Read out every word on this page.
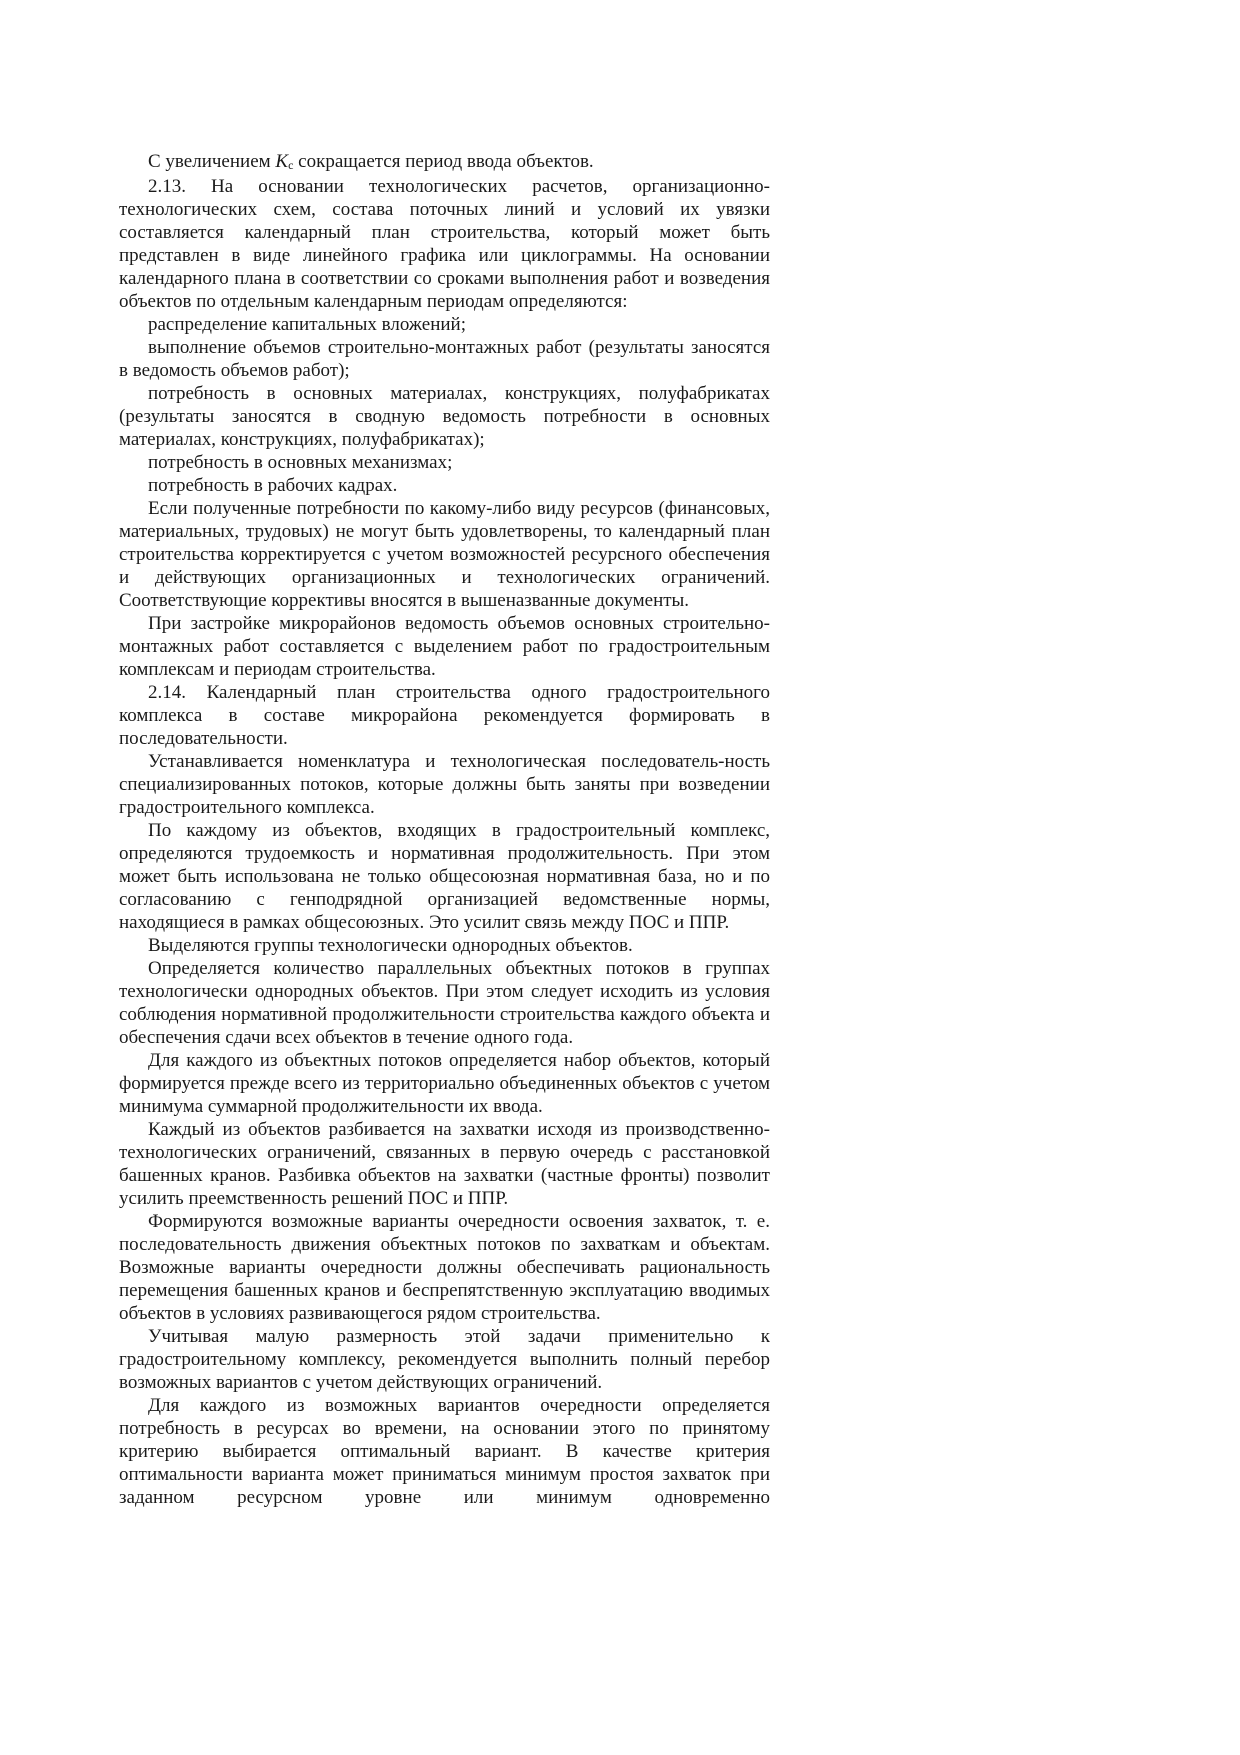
С увеличением Kc сокращается период ввода объектов.

2.13. На основании технологических расчетов, организационно-технологических схем, состава поточных линий и условий их увязки составляется календарный план строительства, который может быть представлен в виде линейного графика или циклограммы. На основании календарного плана в соответствии со сроками выполнения работ и возведения объектов по отдельным календарным периодам определяются:

распределение капитальных вложений;

выполнение объемов строительно-монтажных работ (результаты заносятся в ведомость объемов работ);

потребность в основных материалах, конструкциях, полуфабрикатах (результаты заносятся в сводную ведомость потребности в основных материалах, конструкциях, полуфабрикатах);

потребность в основных механизмах;

потребность в рабочих кадрах.

Если полученные потребности по какому-либо виду ресурсов (финансовых, материальных, трудовых) не могут быть удовлетворены, то календарный план строительства корректируется с учетом возможностей ресурсного обеспечения и действующих организационных и технологических ограничений. Соответствующие коррективы вносятся в вышеназванные документы.

При застройке микрорайонов ведомость объемов основных строительно-монтажных работ составляется с выделением работ по градостроительным комплексам и периодам строительства.

2.14. Календарный план строительства одного градостроительного комплекса в составе микрорайона рекомендуется формировать в последовательности.

Устанавливается номенклатура и технологическая последователь-ность специализированных потоков, которые должны быть заняты при возведении градостроительного комплекса.

По каждому из объектов, входящих в градостроительный комплекс, определяются трудоемкость и нормативная продолжительность. При этом может быть использована не только общесоюзная нормативная база, но и по согласованию с генподрядной организацией ведомственные нормы, находящиеся в рамках общесоюзных. Это усилит связь между ПОС и ППР.

Выделяются группы технологически однородных объектов.

Определяется количество параллельных объектных потоков в группах технологически однородных объектов. При этом следует исходить из условия соблюдения нормативной продолжительности строительства каждого объекта и обеспечения сдачи всех объектов в течение одного года.

Для каждого из объектных потоков определяется набор объектов, который формируется прежде всего из территориально объединенных объектов с учетом минимума суммарной продолжительности их ввода.

Каждый из объектов разбивается на захватки исходя из производственно-технологических ограничений, связанных в первую очередь с расстановкой башенных кранов. Разбивка объектов на захватки (частные фронты) позволит усилить преемственность решений ПОС и ППР.

Формируются возможные варианты очередности освоения захваток, т. е. последовательность движения объектных потоков по захваткам и объектам. Возможные варианты очередности должны обеспечивать рациональность перемещения башенных кранов и беспрепятственную эксплуатацию вводимых объектов в условиях развивающегося рядом строительства.

Учитывая малую размерность этой задачи применительно к градостроительному комплексу, рекомендуется выполнить полный перебор возможных вариантов с учетом действующих ограничений.

Для каждого из возможных вариантов очередности определяется потребность в ресурсах во времени, на основании этого по принятому критерию выбирается оптимальный вариант. В качестве критерия оптимальности варианта может приниматься минимум простоя захваток при заданном ресурсном уровне или минимум одновременно
